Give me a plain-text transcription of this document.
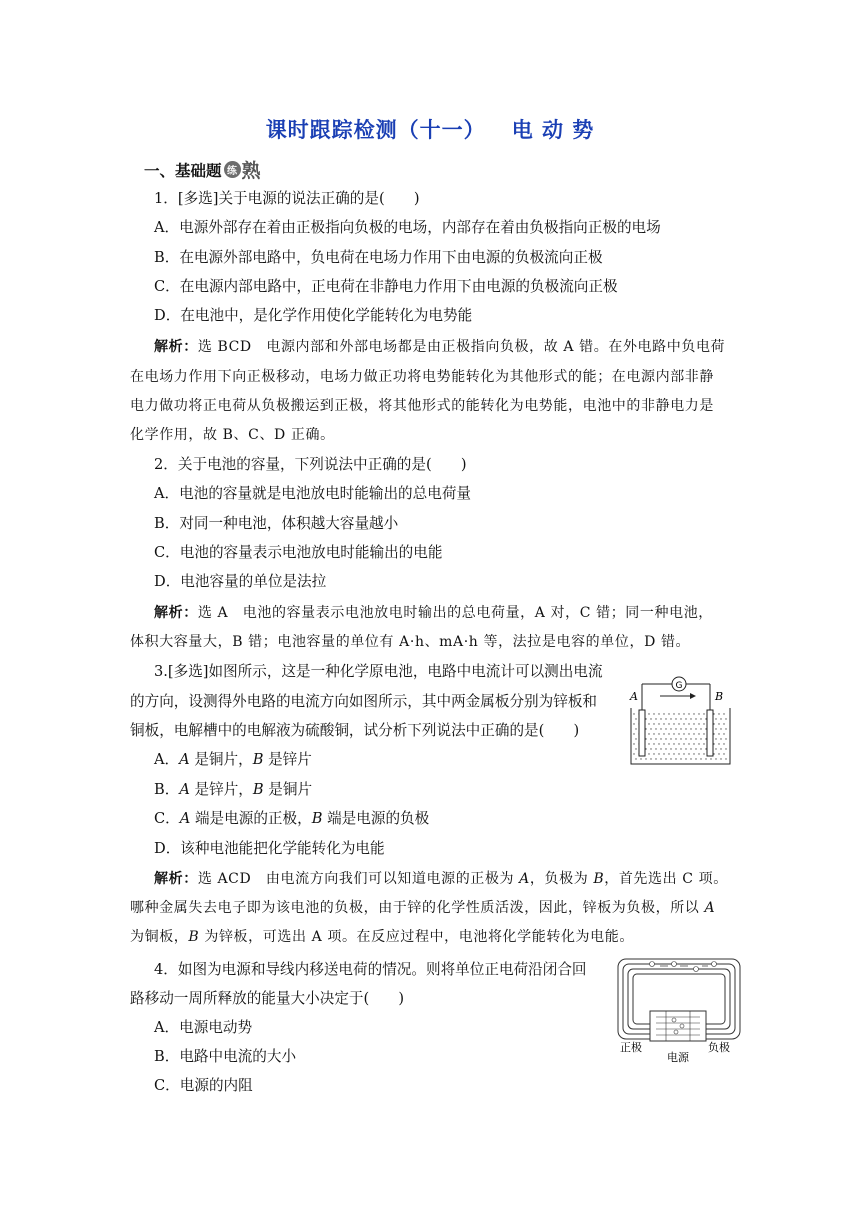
课时跟踪检测（十一） 电 动 势
一、基础题 练 熟
1．[多选]关于电源的说法正确的是(　　)
A．电源外部存在着由正极指向负极的电场，内部存在着由负极指向正极的电场
B．在电源外部电路中，负电荷在电场力作用下由电源的负极流向正极
C．在电源内部电路中，正电荷在非静电力作用下由电源的负极流向正极
D．在电池中，是化学作用使化学能转化为电势能
解析：选 BCD　电源内部和外部电场都是由正极指向负极，故 A 错。在外电路中负电荷
在电场力作用下向正极移动，电场力做正功将电势能转化为其他形式的能；在电源内部非静
电力做功将正电荷从负极搬运到正极，将其他形式的能转化为电势能，电池中的非静电力是
化学作用，故 B、C、D 正确。
2．关于电池的容量，下列说法中正确的是(　　)
A．电池的容量就是电池放电时能输出的总电荷量
B．对同一种电池，体积越大容量越小
C．电池的容量表示电池放电时能输出的电能
D．电池容量的单位是法拉
解析：选 A　电池的容量表示电池放电时输出的总电荷量，A 对，C 错；同一种电池，
体积大容量大，B 错；电池容量的单位有 A·h、mA·h 等，法拉是电容的单位，D 错。
3.[多选]如图所示，这是一种化学原电池，电路中电流计可以测出电流
的方向，设测得外电路的电流方向如图所示，其中两金属板分别为锌板和
铜板，电解槽中的电解液为硫酸铜，试分析下列说法中正确的是(　　)
A．A 是铜片，B 是锌片
B．A 是锌片，B 是铜片
C．A 端是电源的正极，B 端是电源的负极
D．该种电池能把化学能转化为电能
解析：选 ACD　由电流方向我们可以知道电源的正极为 A，负极为 B，首先选出 C 项。
哪种金属失去电子即为该电池的负极，由于锌的化学性质活泼，因此，锌板为负极，所以 A
为铜板，B 为锌板，可选出 A 项。在反应过程中，电池将化学能转化为电能。
G
A	B
4．如图为电源和导线内移送电荷的情况。则将单位正电荷沿闭合回
路移动一周所释放的能量大小决定于(　　)
A．电源电动势
B．电路中电流的大小
C．电源的内阻
正极	负极
电源
